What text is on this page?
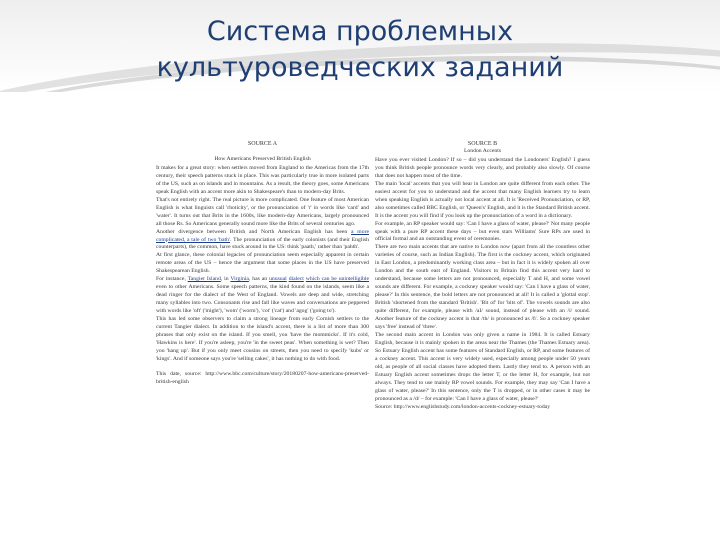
Система проблемных
культуроведческих заданий
SOURCE A
How Americans Preserved British English

It makes for a great story: when settlers moved from England to the Americas from the 17th century, their speech patterns stuck in place. This was particularly true in more isolated parts of the US, such as on islands and in mountains. As a result, the theory goes, some Americans speak English with an accent more akin to Shakespeare's than to modern-day Brits.

That's not entirely right. The real picture is more complicated. One feature of most American English is what linguists call 'rhoticity', or the pronunciation of 'r' in words like 'card' and 'water'. It turns out that Brits in the 1600s, like modern-day Americans, largely pronounced all those Rs. So Americans generally sound more like the Brits of several centuries ago.

Another divergence between British and North American English has been a more complicated, a tale of two 'bath'. The pronunciation of the early colonists (and their English counterparts), the common, have stuck around in the US: think 'paath,' rather than 'pahth'.

At first glance, these colonial legacies of pronunciation seem especially apparent in certain remote areas of the US – hence the argument that some places in the US have preserved Shakespearean English.

For instance, Tangier Island, in Virginia, has an unusual dialect which can be unintelligible even to other Americans. Some speech patterns, the kind found on the islands, seem like a dead ringer for the dialect of the West of England. Vowels are deep and wide, stretching many syllables into two. Consonants rise and fall like waves and conversations are peppered with words like 'oft' ('might'), 'wom' ('worm'), 'cot' ('cat') and 'agog' ('going to').

This has led some observers to claim a strong lineage from early Cornish settlers to the current Tangier dialect. In addition to the island's accent, there is a list of more than 300 phrases that only exist on the island. If you smell, you 'have the mommicks'. If it's cold, 'Hawkins is here'. If you're asleep, you're 'in the sweet peas'. When something is wet? Then you 'hang up'. But if you only meet cousins on streets, then you need to specify 'kubs' or 'kings'. And if someone says you're 'selling cakes', it has nothing to do with food.

This date, source: http://www.bbc.com/culture/story/20180207-how-americans-preserved-british-english

SOURCE B
London Accents

Have you ever visited London? If so – did you understand the Londoners' English? I guess you think British people pronounce words very clearly, and probably also slowly. Of course that does not happen most of the time.

The main 'local' accents that you will hear in London are quite different from each other. The easiest accent for you to understand and the accent that many English learners try to learn when speaking English is actually not local accent at all. It is 'Received Pronunciation, or RP, also sometimes called BBC English, or 'Queen's' English, and it is the Standard British accent. It is the accent you will find if you look up the pronunciation of a word in a dictionary.

For example, an RP speaker would say: 'Can I have a glass of water, please?' Not many people speak with a pure RP accent these days – but even stars Williams' Sure RPs are used in official formal and an outstanding event of ceremonies.

There are two main accents that are native to London now (apart from all the countless other varieties of course, such as Indian English). The first is the cockney accent, which originated in East London, a predominantly working class area – but in fact it is widely spoken all over London and the south east of England. Visitors to Britain find this accent very hard to understand, because some letters are not pronounced, especially T and H, and some vowel sounds are different. For example, a cockney speaker would say: 'Can I have a glass of water, please?' In this sentence, the bold letters are not pronounced at all! It is called a 'glottal stop'. British 'shortened from the standard 'British'. 'Bit of' for 'bits of'. The vowels sounds are also quite different, for example, please with /aI/ sound, instead of please with an /i/ sound. Another feature of the cockney accent is that /th/ is pronounced as /f/. So a cockney speaker says 'free' instead of 'three'.

The second main accent in London was only given a name in 1984. It is called Estuary English, because it is mainly spoken in the areas near the Thames (the Thames Estuary area). So Estuary English accent has some features of Standard English, or RP, and some features of a cockney accent. This accent is very widely used, especially among people under 50 years old, as people of all social classes have adopted them. Lastly they tend to. A person with an Estuary English accent sometimes drops the letter T, or the letter H, for example, but not always. They tend to use mainly RP vowel sounds. For example, they may say 'Can I have a glass of water, please?' In this sentence, only the T is dropped, or in other cases it may be pronounced as a /d/ – for example: 'Can I have a glass of water, please?'

Source: http://www.englishstudy.com/london-accents-cockney-estuary-today
